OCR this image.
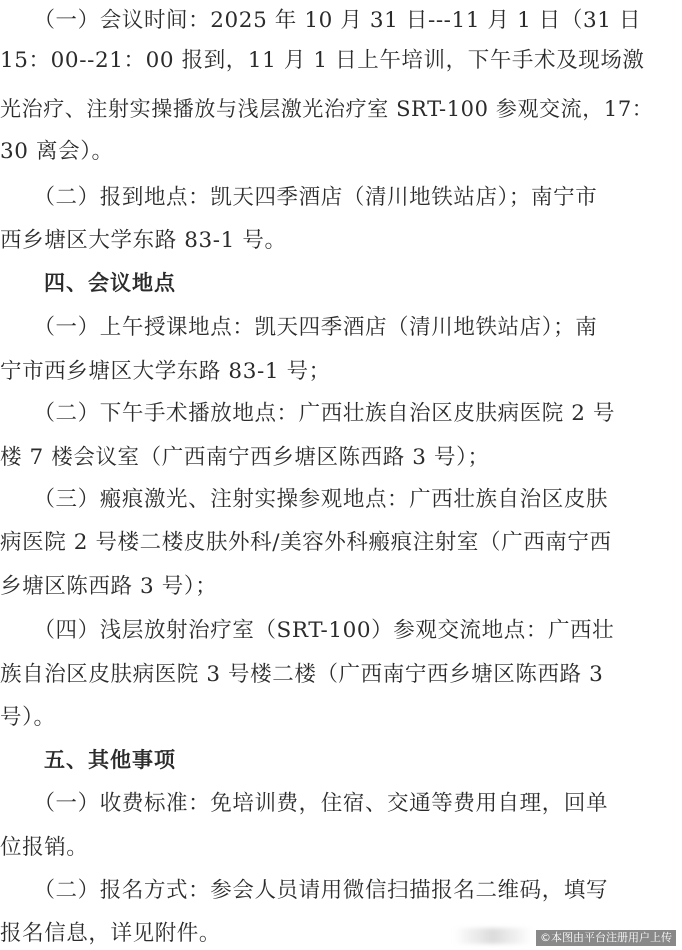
　　（一）会议时间：2025 年 10 月 31 日---11 月 1 日（31 日
15：00--21：00 报到，11 月 1 日上午培训，下午手术及现场激
光治疗、注射实操播放与浅层激光治疗室 SRT-100 参观交流，17：
30 离会）。
　　（二）报到地点：凯天四季酒店（清川地铁站店）；南宁市
西乡塘区大学东路 83-1 号。
　　四、会议地点
　　（一）上午授课地点：凯天四季酒店（清川地铁站店）；南
宁市西乡塘区大学东路 83-1 号；
　　（二）下午手术播放地点：广西壮族自治区皮肤病医院 2 号
楼 7 楼会议室（广西南宁西乡塘区陈西路 3 号）；
　　（三）瘢痕激光、注射实操参观地点：广西壮族自治区皮肤
病医院 2 号楼二楼皮肤外科/美容外科瘢痕注射室（广西南宁西
乡塘区陈西路 3 号）；
　　（四）浅层放射治疗室（SRT-100）参观交流地点：广西壮
族自治区皮肤病医院 3 号楼二楼（广西南宁西乡塘区陈西路 3
号）。
　　五、其他事项
　　（一）收费标准：免培训费，住宿、交通等费用自理，回单
位报销。
　　（二）报名方式：参会人员请用微信扫描报名二维码，填写
报名信息，详见附件。	©本图由平台注册用户上传
